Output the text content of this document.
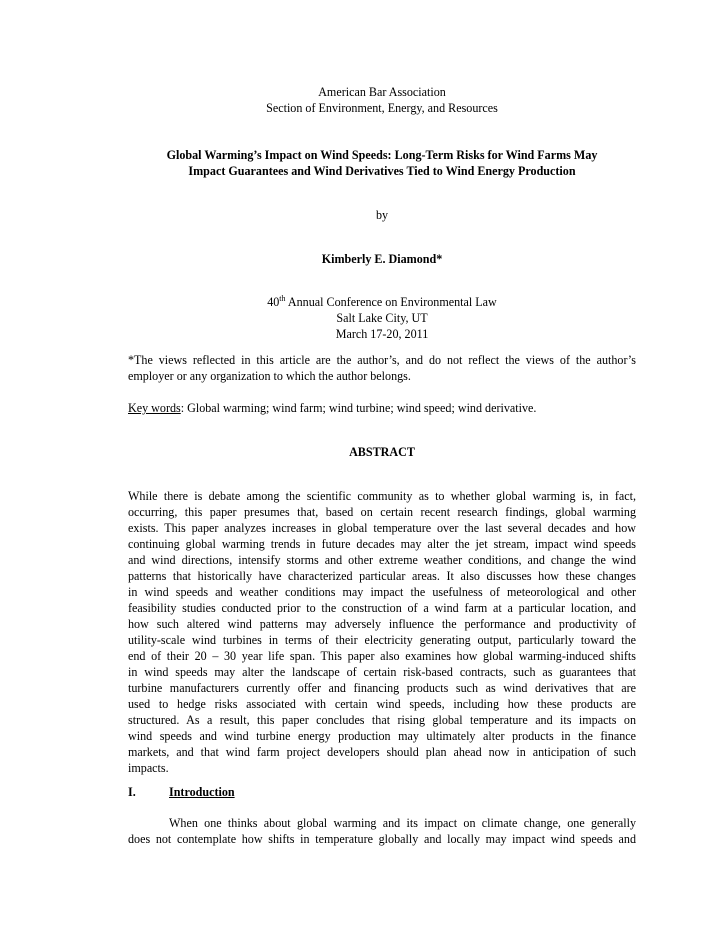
American Bar Association
Section of Environment, Energy, and Resources
Global Warming’s Impact on Wind Speeds: Long-Term Risks for Wind Farms May
Impact Guarantees and Wind Derivatives Tied to Wind Energy Production
by
Kimberly E. Diamond*
40th Annual Conference on Environmental Law
Salt Lake City, UT
March 17-20, 2011
*The views reflected in this article are the author’s, and do not reflect the views of the author’s
employer or any organization to which the author belongs.
Key words: Global warming; wind farm; wind turbine; wind speed; wind derivative.
ABSTRACT
While there is debate among the scientific community as to whether global warming is, in fact,
occurring, this paper presumes that, based on certain recent research findings, global warming
exists. This paper analyzes increases in global temperature over the last several decades and how
continuing global warming trends in future decades may alter the jet stream, impact wind speeds
and wind directions, intensify storms and other extreme weather conditions, and change the wind
patterns that historically have characterized particular areas. It also discusses how these changes
in wind speeds and weather conditions may impact the usefulness of meteorological and other
feasibility studies conducted prior to the construction of a wind farm at a particular location, and
how such altered wind patterns may adversely influence the performance and productivity of
utility-scale wind turbines in terms of their electricity generating output, particularly toward the
end of their 20 – 30 year life span. This paper also examines how global warming-induced shifts
in wind speeds may alter the landscape of certain risk-based contracts, such as guarantees that
turbine manufacturers currently offer and financing products such as wind derivatives that are
used to hedge risks associated with certain wind speeds, including how these products are
structured. As a result, this paper concludes that rising global temperature and its impacts on
wind speeds and wind turbine energy production may ultimately alter products in the finance
markets, and that wind farm project developers should plan ahead now in anticipation of such
impacts.
I.	Introduction
When one thinks about global warming and its impact on climate change, one generally
does not contemplate how shifts in temperature globally and locally may impact wind speeds and
